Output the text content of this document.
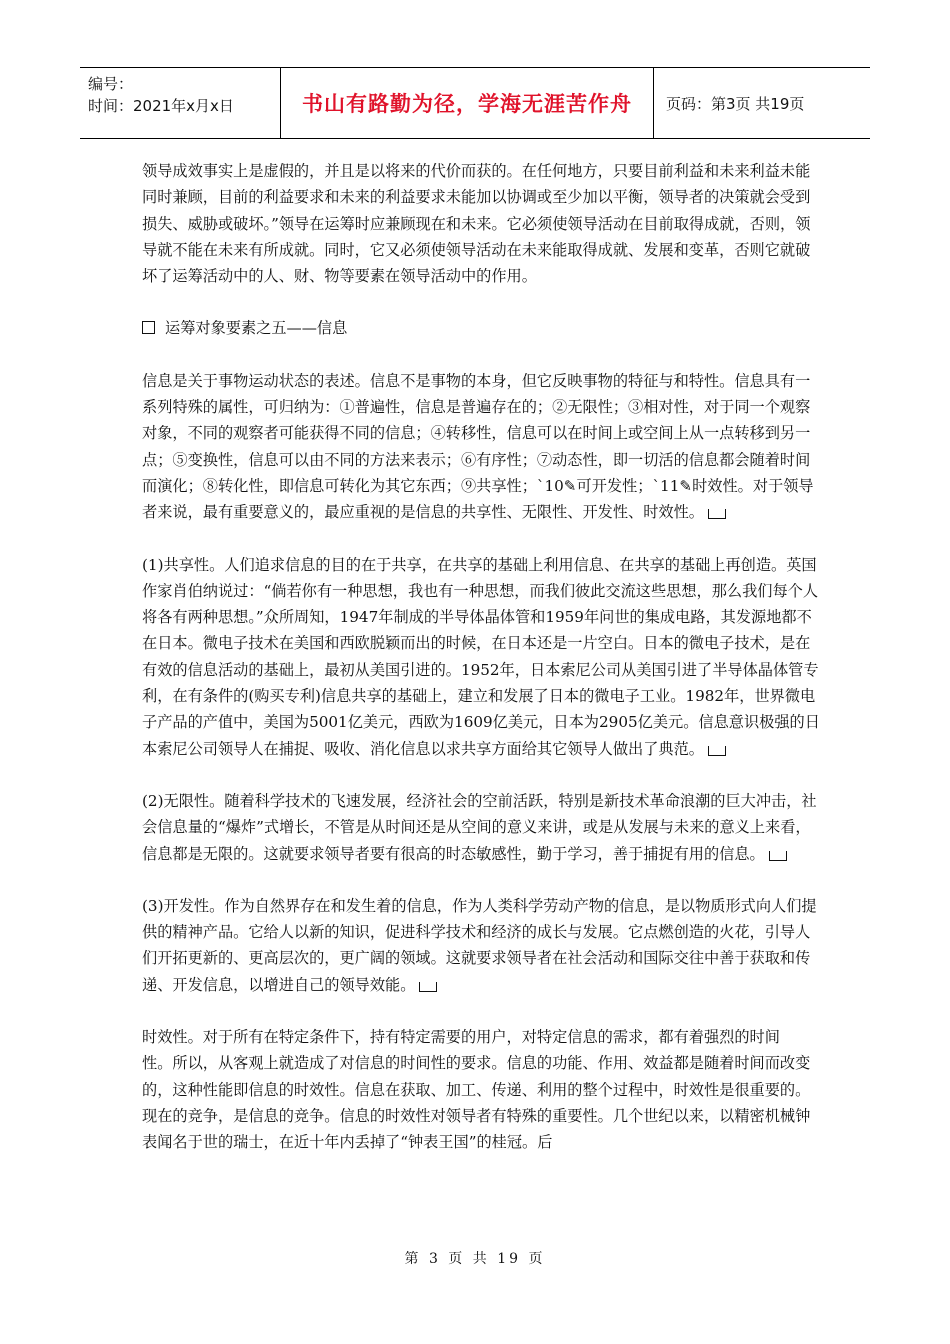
编号：
时间：2021年x月x日	书山有路勤为径，学海无涯苦作舟 页码：第3页 共19页

领导成效事实上是虚假的，并且是以将来的代价而获的。在任何地方，只要目前利益和未来利益未能同时兼顾，目前的利益要求和未来的利益要求未能加以协调或至少加以平衡，领导者的决策就会受到损失、威胁或破坏。”领导在运筹时应兼顾现在和未来。它必须使领导活动在目前取得成就，否则，领导就不能在未来有所成就。同时，它又必须使领导活动在未来能取得成就、发展和变革，否则它就破坏了运筹活动中的人、财、物等要素在领导活动中的作用。

运筹对象要素之五——信息

信息是关于事物运动状态的表述。信息不是事物的本身，但它反映事物的特征与和特性。信息具有一系列特殊的属性，可归纳为：①普遍性，信息是普遍存在的；②无限性；③相对性，对于同一个观察对象，不同的观察者可能获得不同的信息；④转移性，信息可以在时间上或空间上从一点转移到另一点；⑤变换性，信息可以由不同的方法来表示；⑥有序性；⑦动态性，即一切活的信息都会随着时间而演化；⑧转化性，即信息可转化为其它东西；⑨共享性；`10✎可开发性；`11✎时效性。对于领导者来说，最有重要意义的，最应重视的是信息的共享性、无限性、开发性、时效性。

(1)共享性。人们追求信息的目的在于共享，在共享的基础上利用信息、在共享的基础上再创造。英国作家肖伯纳说过：“倘若你有一种思想，我也有一种思想，而我们彼此交流这些思想，那么我们每个人将各有两种思想。”众所周知，1947年制成的半导体晶体管和1959年问世的集成电路，其发源地都不在日本。微电子技术在美国和西欧脱颖而出的时候，在日本还是一片空白。日本的微电子技术，是在有效的信息活动的基础上，最初从美国引进的。1952年，日本索尼公司从美国引进了半导体晶体管专利，在有条件的(购买专利)信息共享的基础上，建立和发展了日本的微电子工业。1982年，世界微电子产品的产值中，美国为5001亿美元，西欧为1609亿美元，日本为2905亿美元。信息意识极强的日本索尼公司领导人在捕捉、吸收、消化信息以求共享方面给其它领导人做出了典范。

(2)无限性。随着科学技术的飞速发展，经济社会的空前活跃，特别是新技术革命浪潮的巨大冲击，社会信息量的“爆炸”式增长，不管是从时间还是从空间的意义来讲，或是从发展与未来的意义上来看，信息都是无限的。这就要求领导者要有很高的时态敏感性，勤于学习，善于捕捉有用的信息。

(3)开发性。作为自然界存在和发生着的信息，作为人类科学劳动产物的信息，是以物质形式向人们提供的精神产品。它给人以新的知识，促进科学技术和经济的成长与发展。它点燃创造的火花，引导人们开拓更新的、更高层次的，更广阔的领域。这就要求领导者在社会活动和国际交往中善于获取和传递、开发信息，以增进自己的领导效能。

时效性。对于所有在特定条件下，持有特定需要的用户，对特定信息的需求，都有着强烈的时间

性。所以，从客观上就造成了对信息的时间性的要求。信息的功能、作用、效益都是随着时间而改变的，这种性能即信息的时效性。信息在获取、加工、传递、利用的整个过程中，时效性是很重要的。现在的竞争，是信息的竞争。信息的时效性对领导者有特殊的重要性。几个世纪以来，以精密机械钟表闻名于世的瑞士，在近十年内丢掉了“钟表王国”的桂冠。后

第 3 页 共 19 页
